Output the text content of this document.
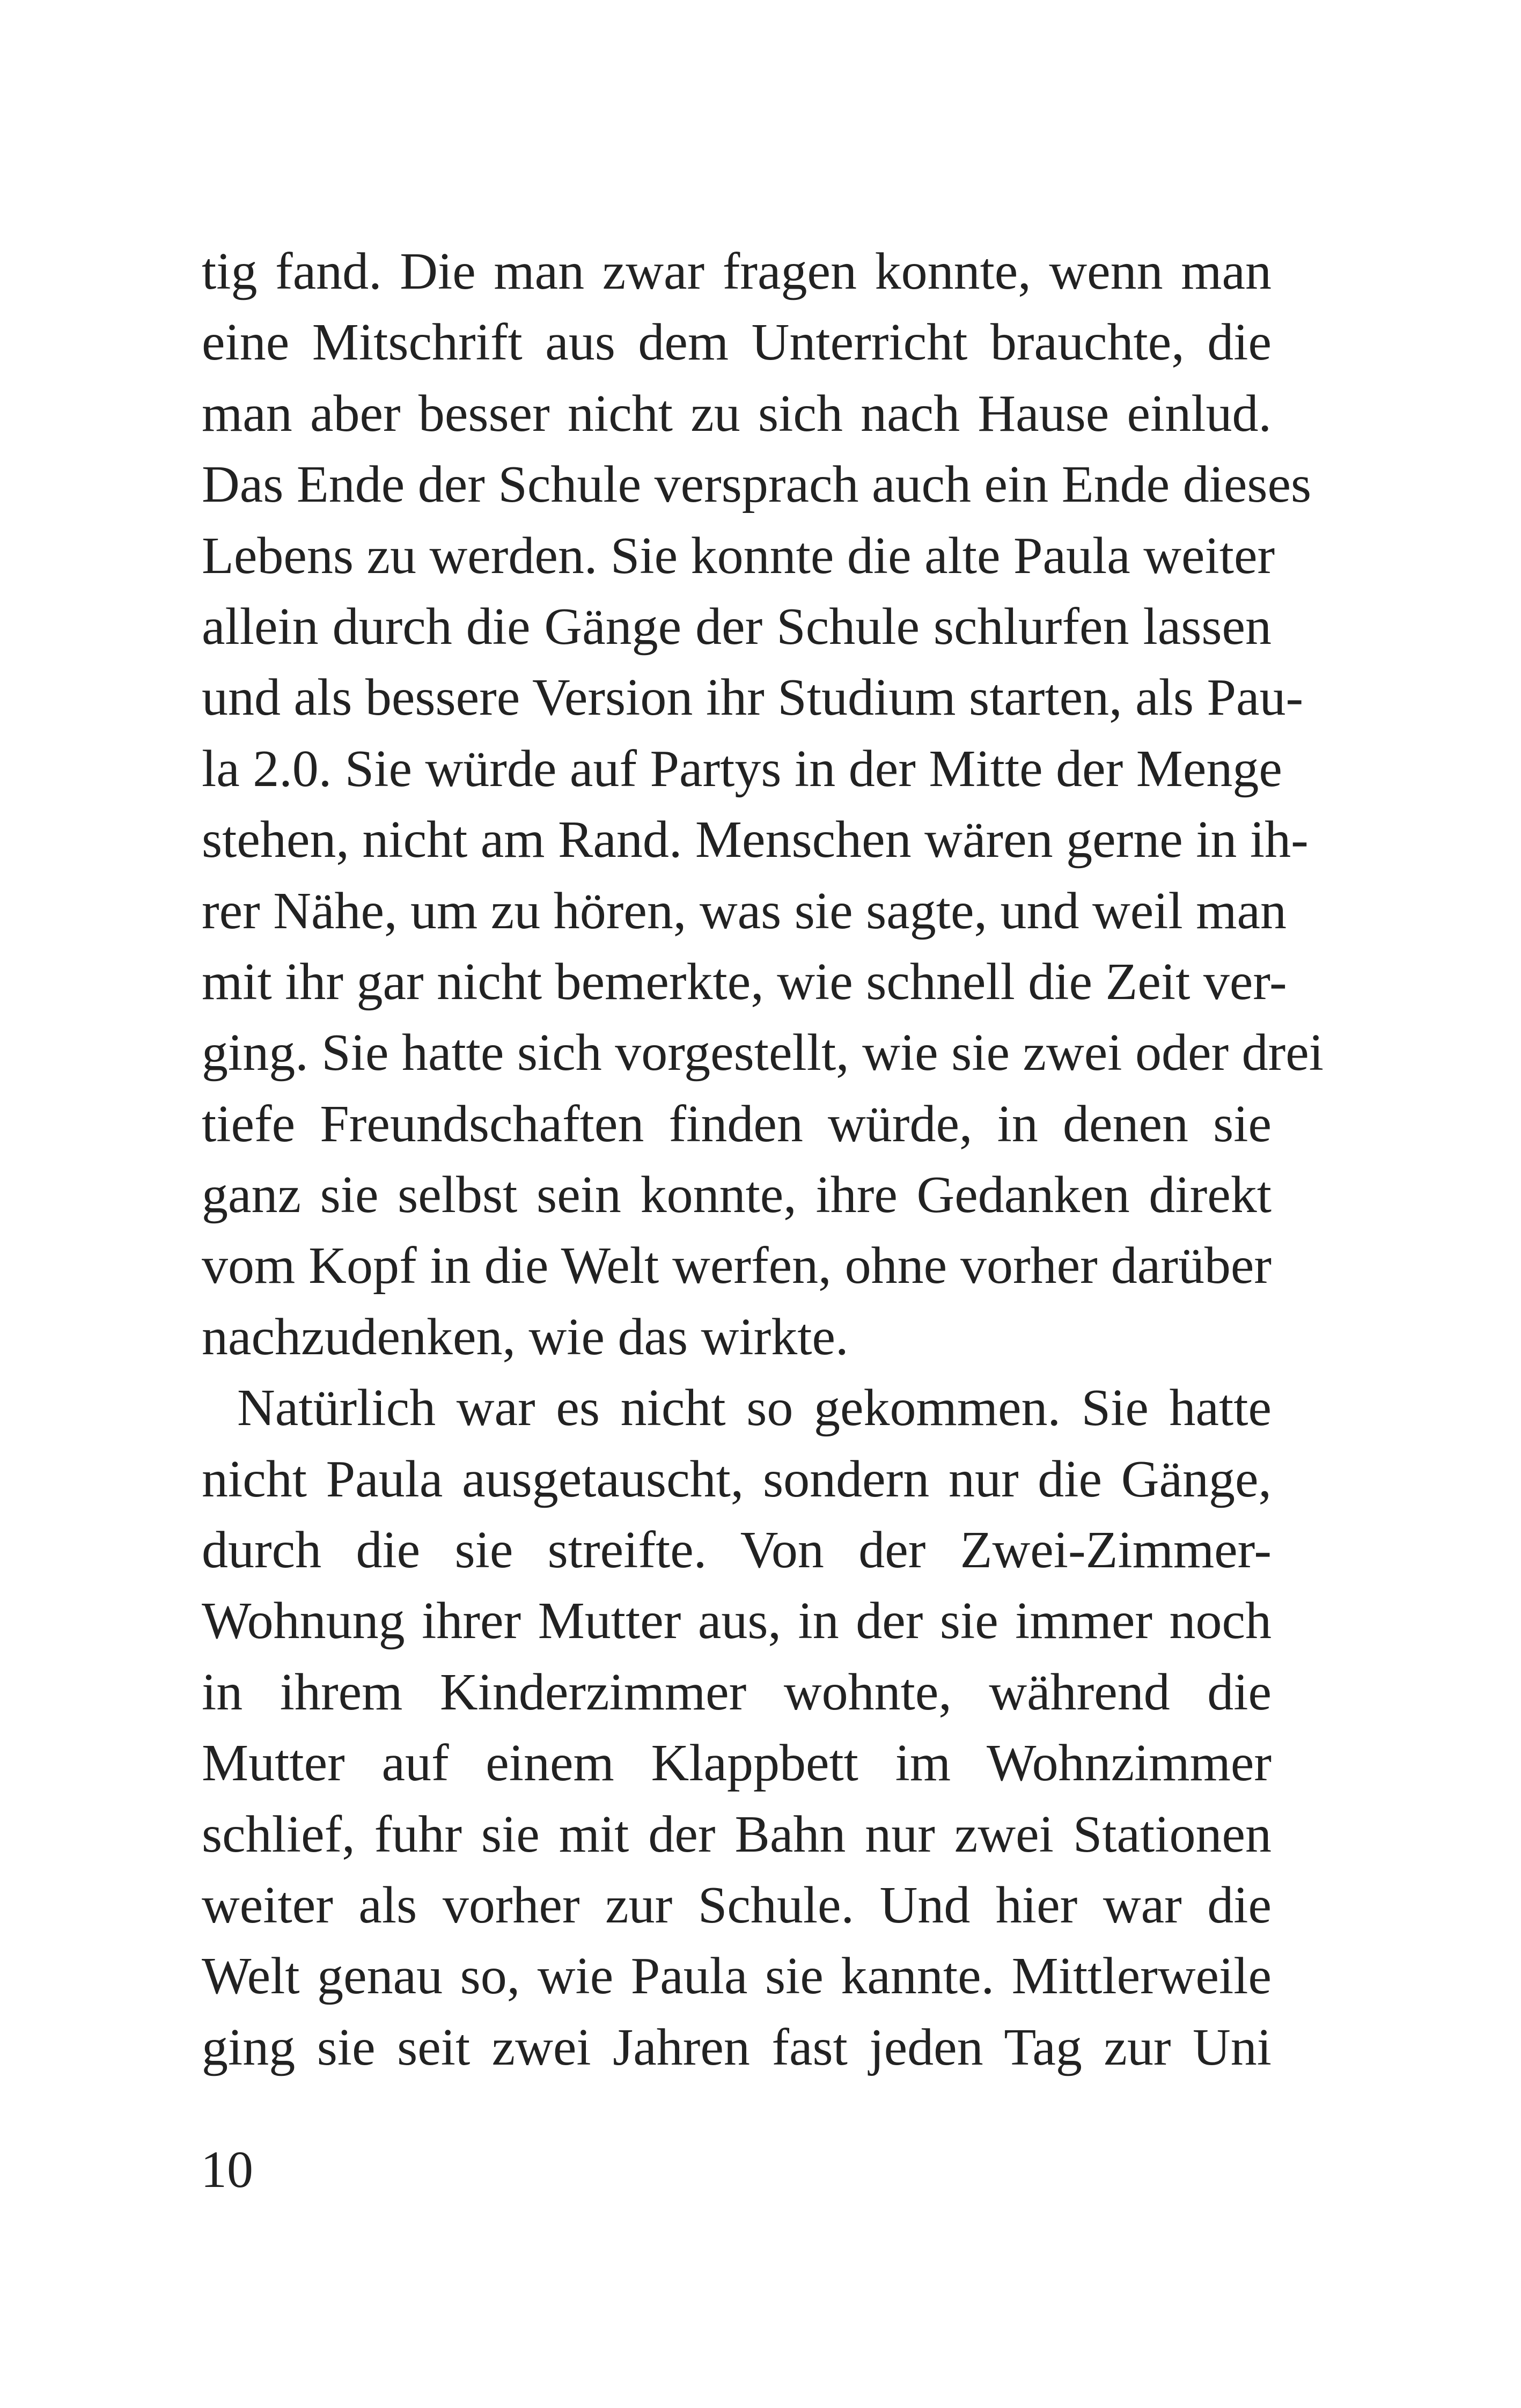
tig fand. Die man zwar fragen konnte, wenn man
eine Mitschrift aus dem Unterricht brauchte, die
man aber besser nicht zu sich nach Hause einlud.
Das Ende der Schule versprach auch ein Ende dieses
Lebens zu werden. Sie konnte die alte Paula weiter
allein durch die Gänge der Schule schlurfen lassen
und als bessere Version ihr Studium starten, als Pau-
la 2.0. Sie würde auf Partys in der Mitte der Menge
stehen, nicht am Rand. Menschen wären gerne in ih-
rer Nähe, um zu hören, was sie sagte, und weil man
mit ihr gar nicht bemerkte, wie schnell die Zeit ver-
ging. Sie hatte sich vorgestellt, wie sie zwei oder drei
tiefe Freundschaften finden würde, in denen sie
ganz sie selbst sein konnte, ihre Gedanken direkt
vom Kopf in die Welt werfen, ohne vorher darüber
nachzudenken, wie das wirkte.
Natürlich war es nicht so gekommen. Sie hatte
nicht Paula ausgetauscht, sondern nur die Gänge,
durch die sie streifte. Von der Zwei-Zimmer-
Wohnung ihrer Mutter aus, in der sie immer noch
in ihrem Kinderzimmer wohnte, während die
Mutter auf einem Klappbett im Wohnzimmer
schlief, fuhr sie mit der Bahn nur zwei Stationen
weiter als vorher zur Schule. Und hier war die
Welt genau so, wie Paula sie kannte. Mittlerweile
ging sie seit zwei Jahren fast jeden Tag zur Uni
10
